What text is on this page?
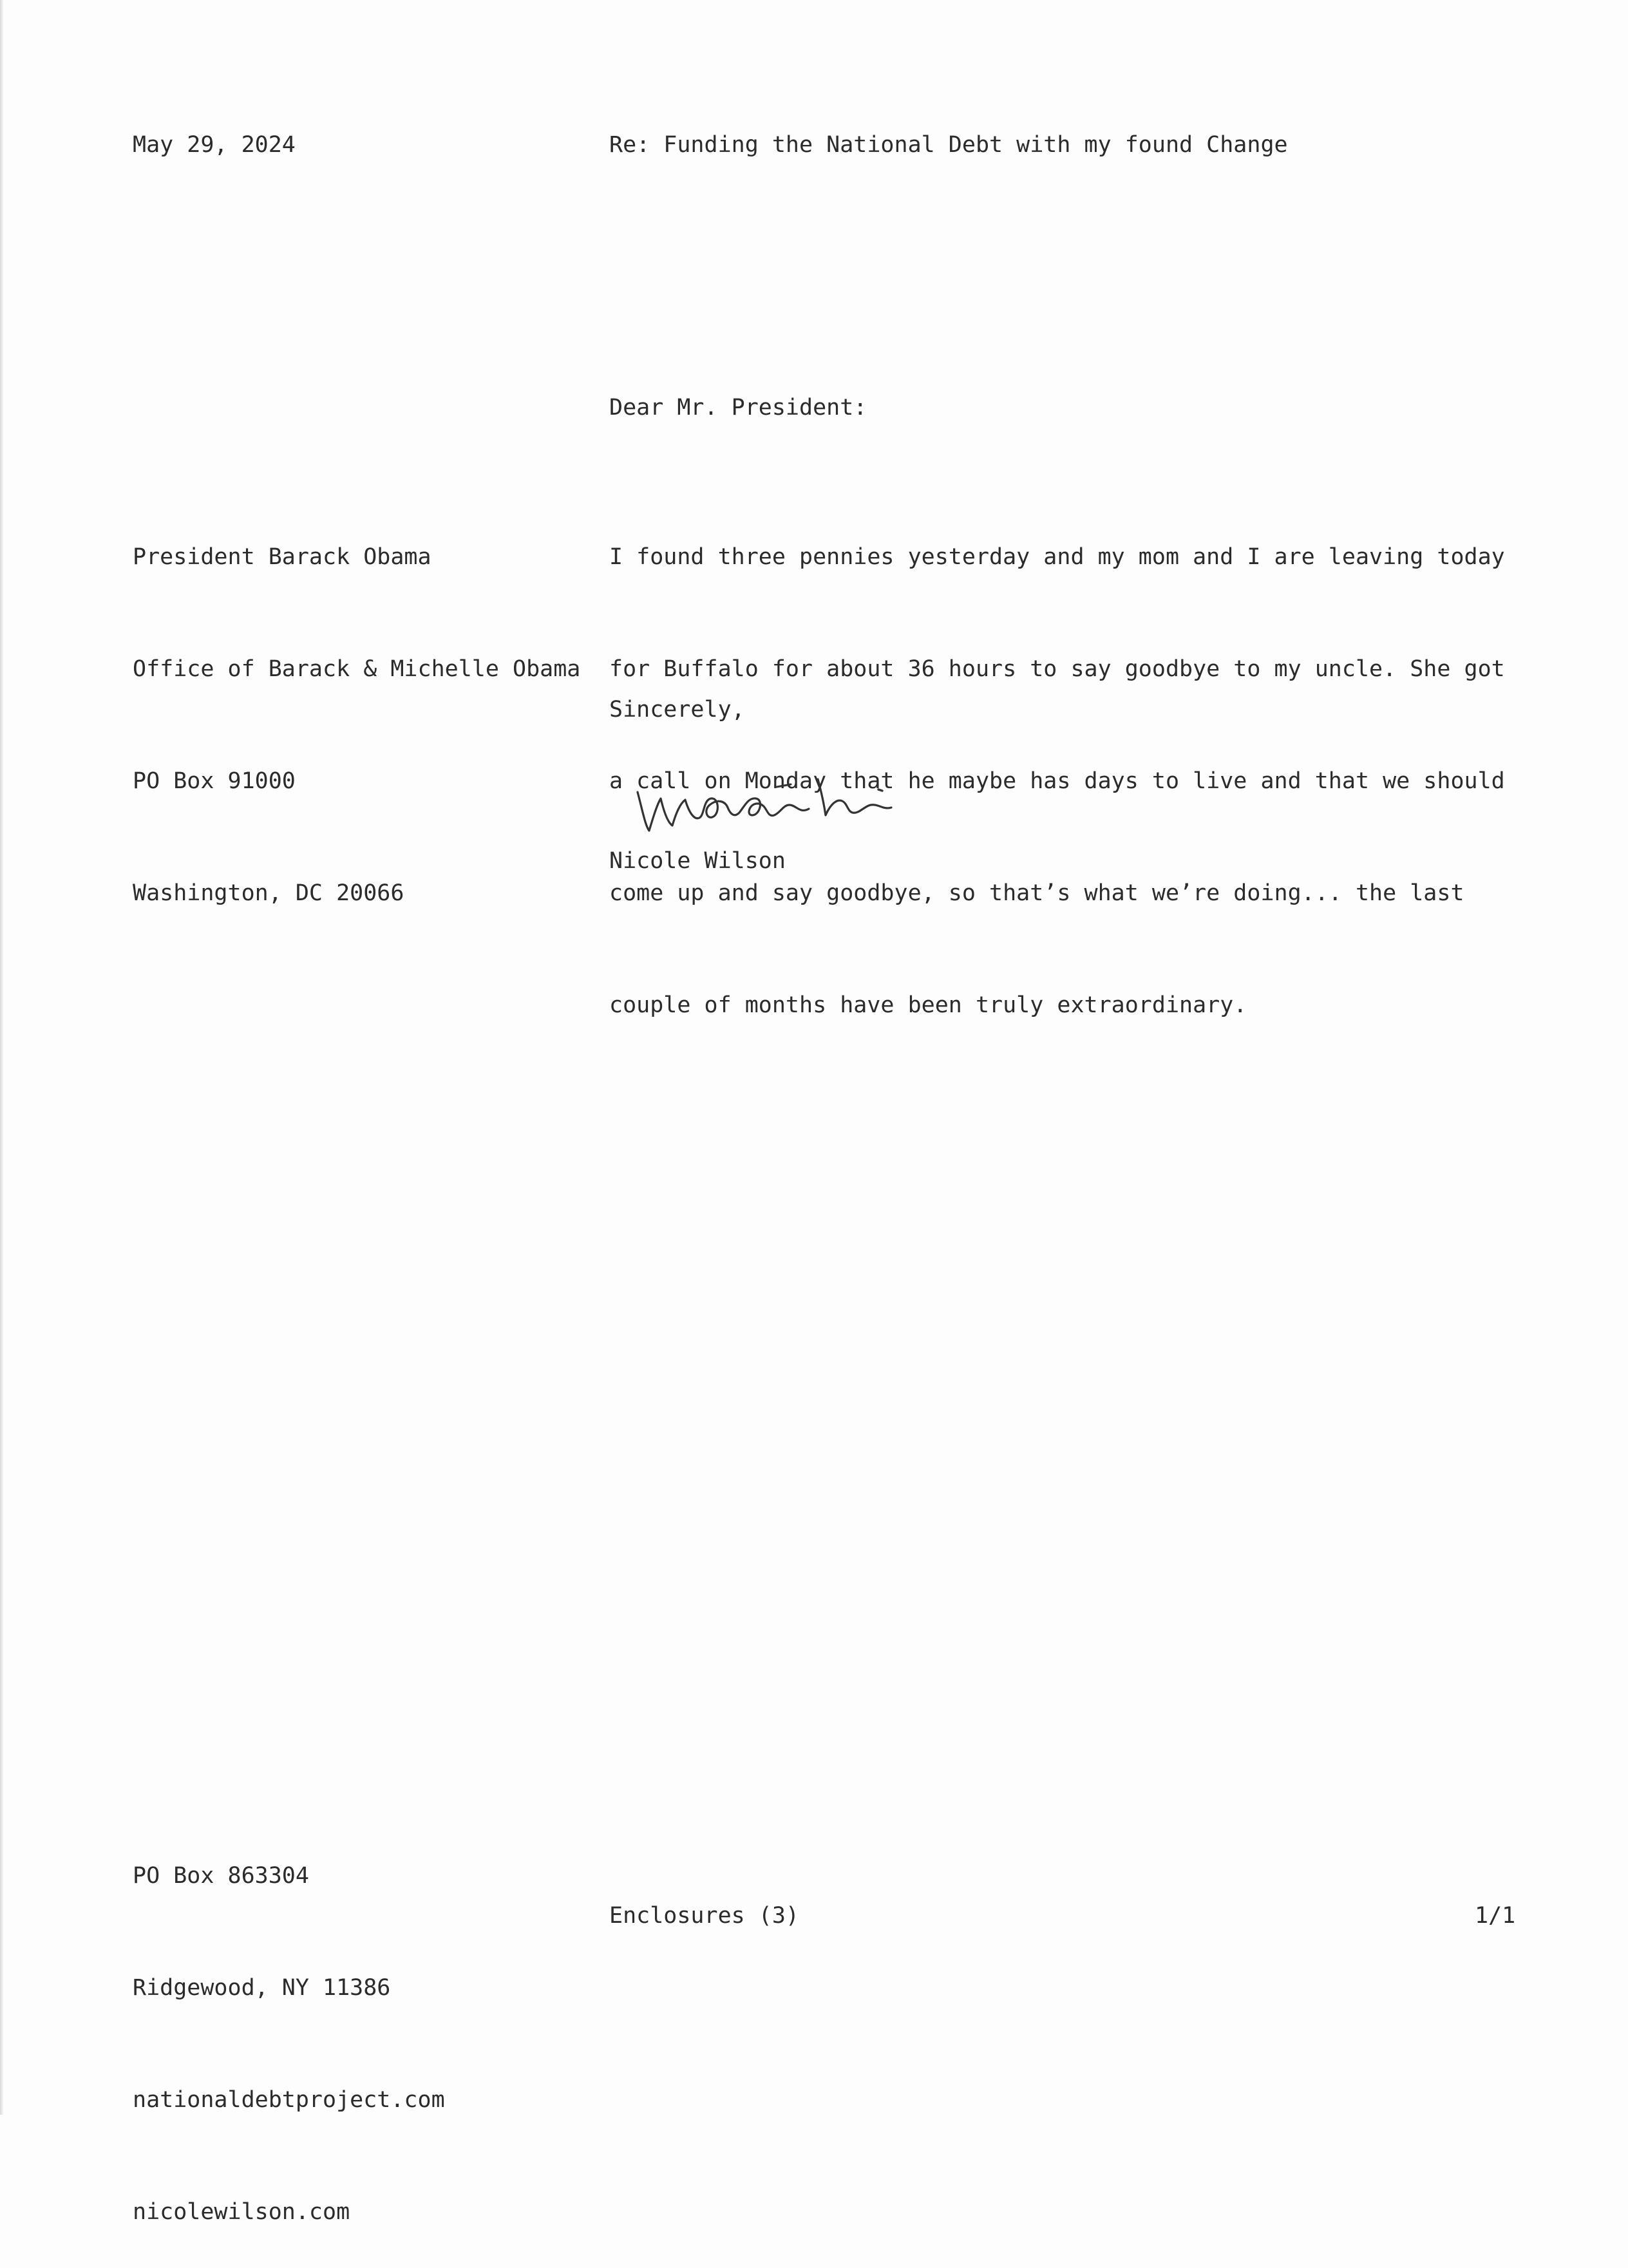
May 29, 2024	Re: Funding the National Debt with my found Change
Dear Mr. President:

President Barack Obama

Office of Barack & Michelle Obama

PO Box 91000

Washington, DC 20066

I found three pennies yesterday and my mom and I are leaving today

for Buffalo for about 36 hours to say goodbye to my uncle. She got

a call on Monday that he maybe has days to live and that we should

come up and say goodbye, so that’s what we’re doing... the last

couple of months have been truly extraordinary.

Sincerely,
Nicole Wilson

PO Box 863304

Ridgewood, NY 11386

nationaldebtproject.com

nicolewilson.com

Enclosures (3)	1/1
